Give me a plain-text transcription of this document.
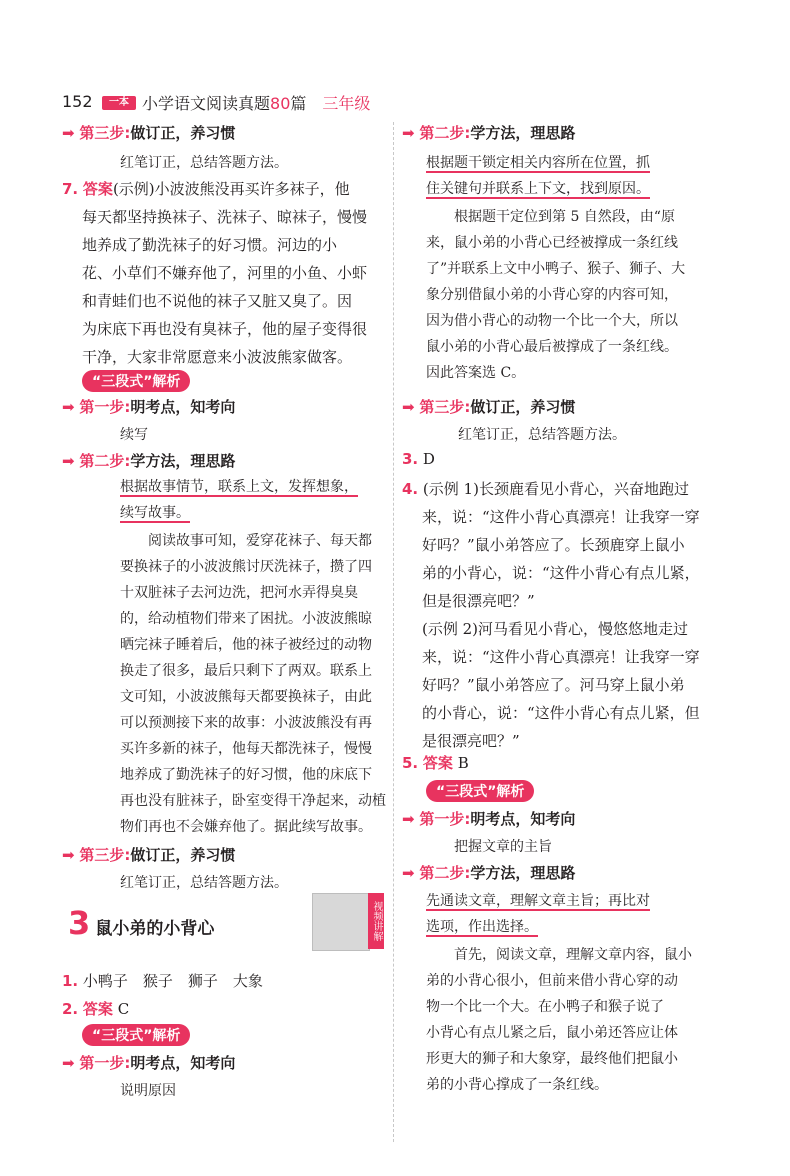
152	一本 小学语文阅读真题80篇　 三年级
➡ 第三步:做订正，养习惯
红笔订正，总结答题方法。
7. 答案(示例)小波波熊没再买许多袜子，他
每天都坚持换袜子、洗袜子、晾袜子，慢慢
地养成了勤洗袜子的好习惯。河边的小
花、小草们不嫌弃他了，河里的小鱼、小虾
和青蛙们也不说他的袜子又脏又臭了。因
为床底下再也没有臭袜子，他的屋子变得很
干净，大家非常愿意来小波波熊家做客。
“三段式”解析
➡ 第一步:明考点，知考向
续写
➡ 第二步:学方法，理思路
根据故事情节，联系上文，发挥想象，
续写故事。
阅读故事可知，爱穿花袜子、每天都
要换袜子的小波波熊讨厌洗袜子，攒了四
十双脏袜子去河边洗，把河水弄得臭臭
的，给动植物们带来了困扰。小波波熊晾
晒完袜子睡着后，他的袜子被经过的动物
换走了很多，最后只剩下了两双。联系上
文可知，小波波熊每天都要换袜子，由此
可以预测接下来的故事：小波波熊没有再
买许多新的袜子，他每天都洗袜子，慢慢
地养成了勤洗袜子的好习惯，他的床底下
再也没有脏袜子，卧室变得干净起来，动植
物们再也不会嫌弃他了。据此续写故事。
➡ 第三步:做订正，养习惯
红笔订正，总结答题方法。
3 鼠小弟的小背心
1. 小鸭子　猴子　狮子　大象
2. 答案 C
“三段式”解析
➡ 第一步:明考点，知考向
说明原因
视频讲解
➡ 第二步:学方法，理思路
根据题干锁定相关内容所在位置，抓
住关键句并联系上下文，找到原因。
根据题干定位到第 5 自然段，由“原
来，鼠小弟的小背心已经被撑成一条红线
了”并联系上文中小鸭子、猴子、狮子、大
象分别借鼠小弟的小背心穿的内容可知，
因为借小背心的动物一个比一个大，所以
鼠小弟的小背心最后被撑成了一条红线。
因此答案选 C。
➡ 第三步:做订正，养习惯
红笔订正，总结答题方法。
3. D
4. (示例 1)长颈鹿看见小背心，兴奋地跑过
来，说：“这件小背心真漂亮！让我穿一穿
好吗？”鼠小弟答应了。长颈鹿穿上鼠小
弟的小背心，说：“这件小背心有点儿紧，
但是很漂亮吧？”
(示例 2)河马看见小背心，慢悠悠地走过
来，说：“这件小背心真漂亮！让我穿一穿
好吗？”鼠小弟答应了。河马穿上鼠小弟
的小背心，说：“这件小背心有点儿紧，但
是很漂亮吧？”
5. 答案 B
“三段式”解析
➡ 第一步:明考点，知考向
把握文章的主旨
➡ 第二步:学方法，理思路
先通读文章，理解文章主旨；再比对
选项，作出选择。
首先，阅读文章，理解文章内容，鼠小
弟的小背心很小，但前来借小背心穿的动
物一个比一个大。在小鸭子和猴子说了
小背心有点儿紧之后，鼠小弟还答应让体
形更大的狮子和大象穿，最终他们把鼠小
弟的小背心撑成了一条红线。
